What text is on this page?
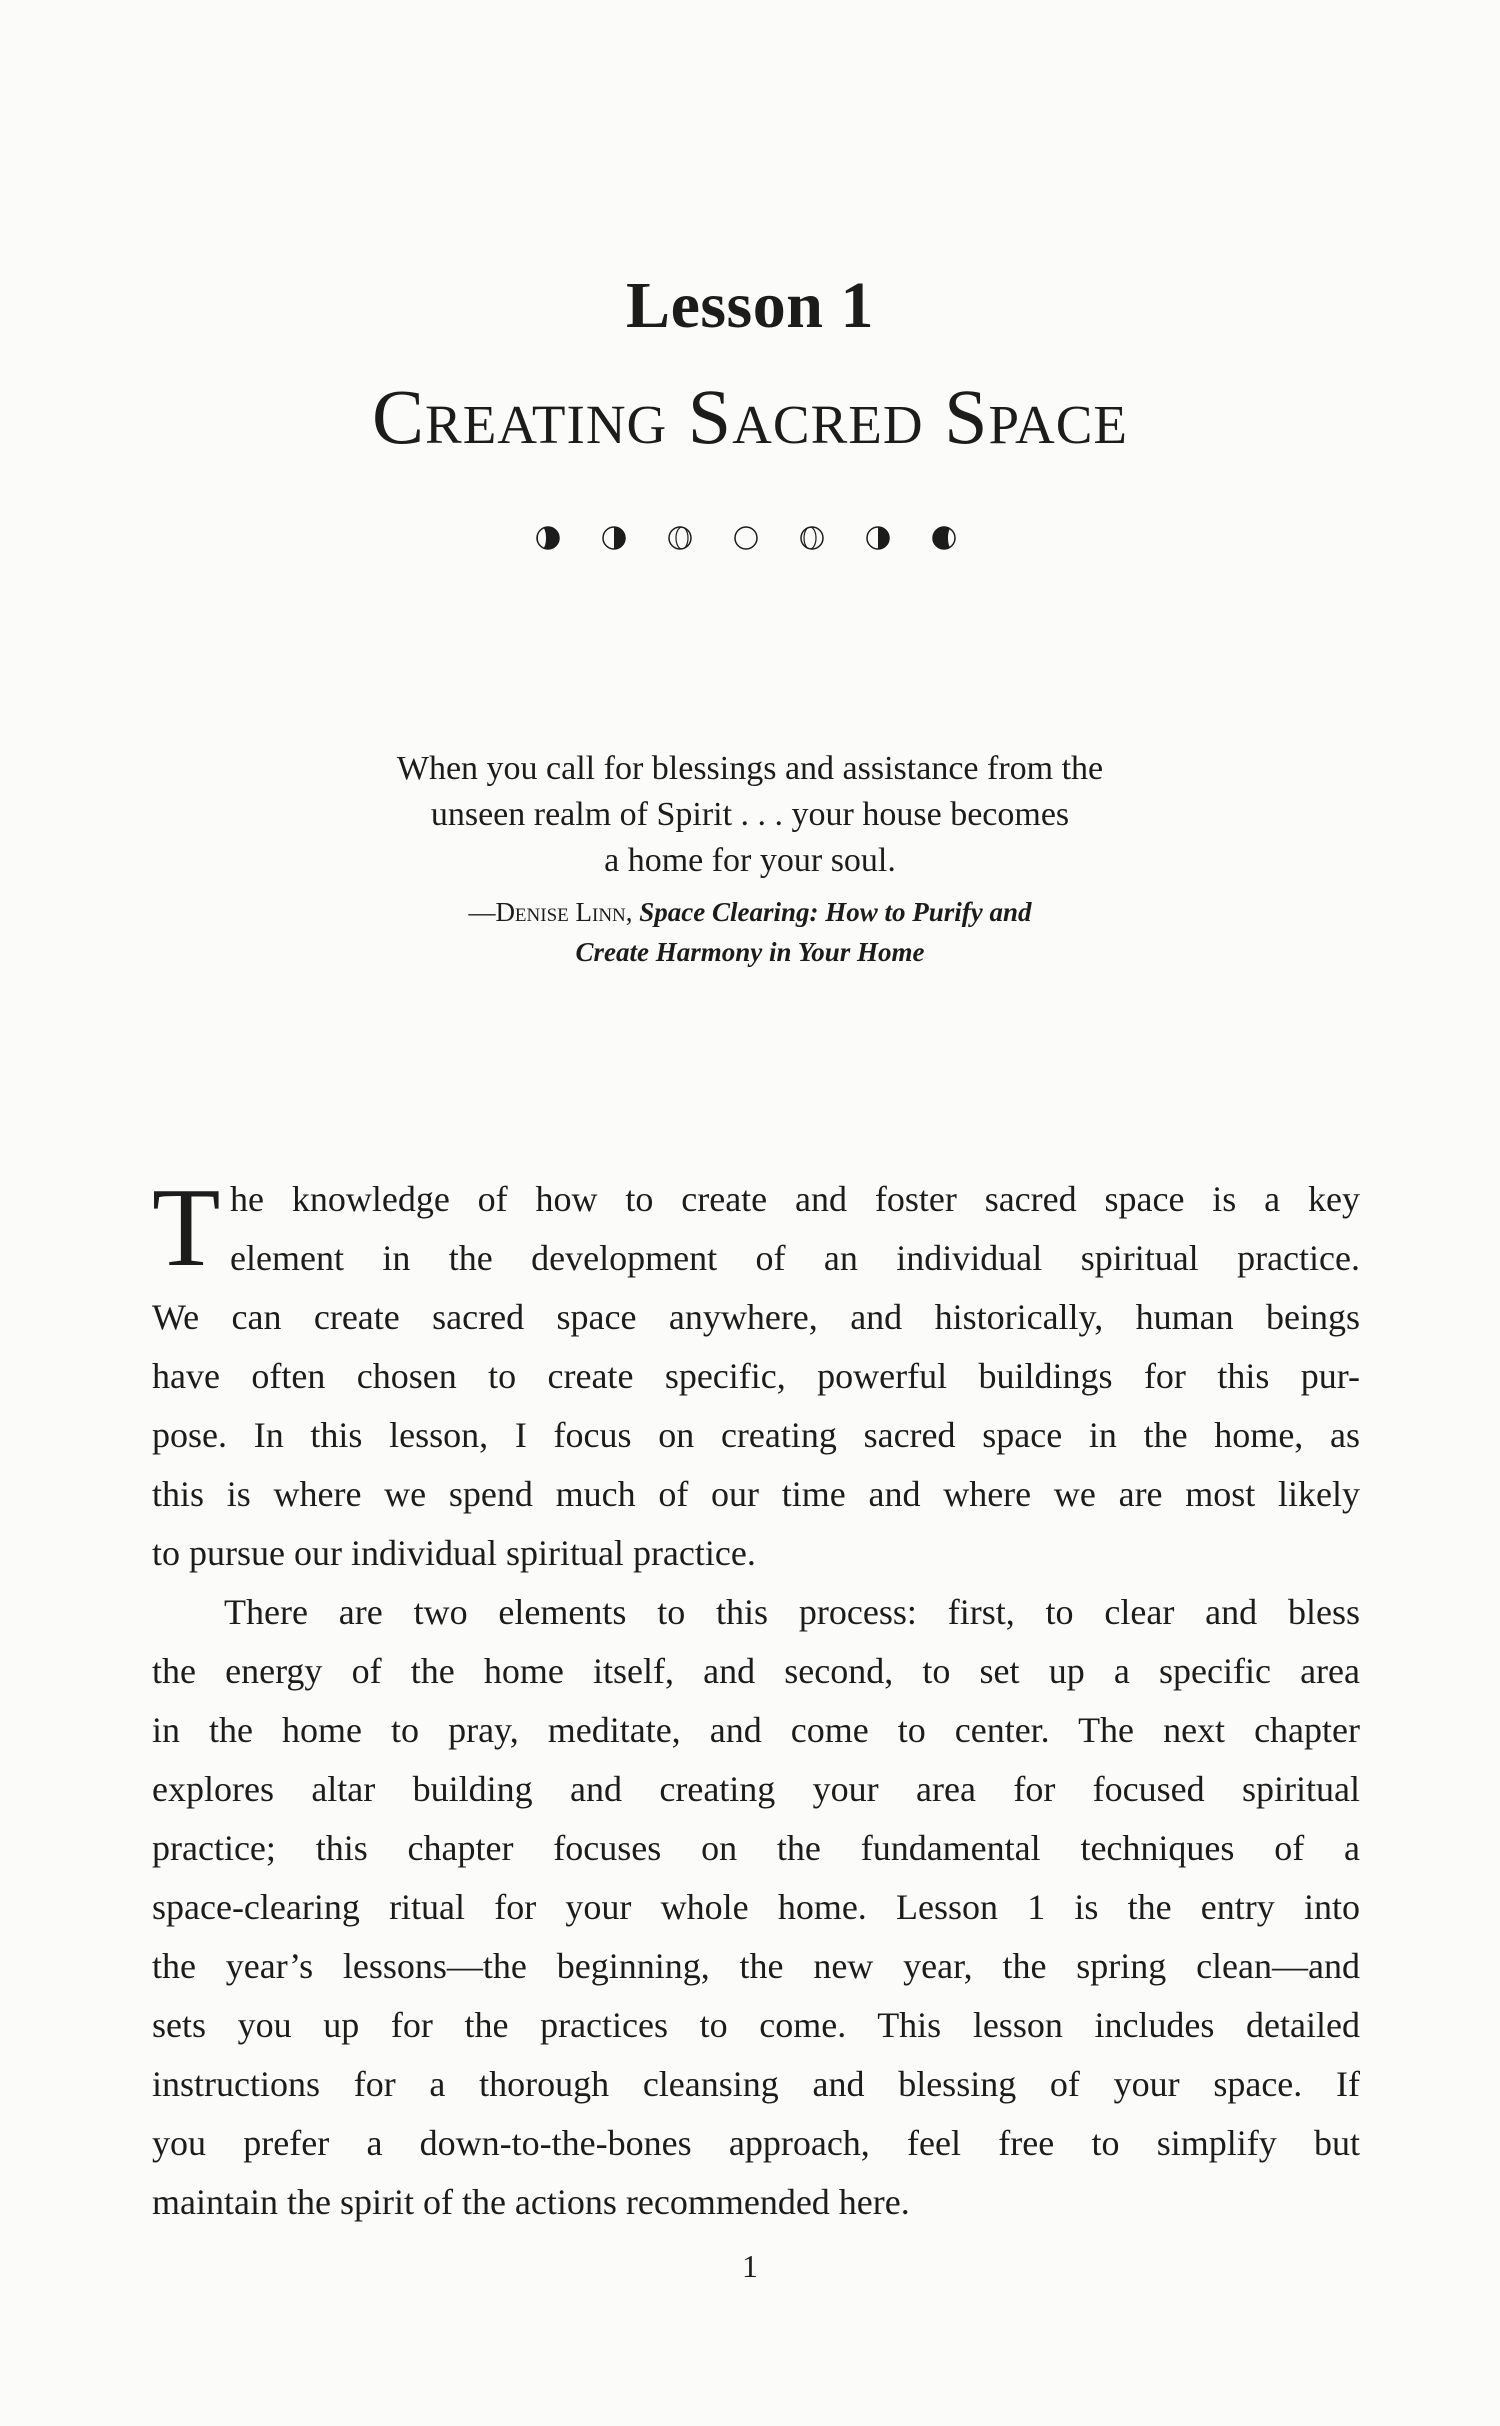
Lesson 1
Creating Sacred Space
When you call for blessings and assistance from the
unseen realm of Spirit . . . your house becomes
a home for your soul.
—Denise Linn, Space Clearing: How to Purify and
Create Harmony in Your Home
T he knowledge of how to create and foster sacred space is a key
element in the development of an individual spiritual practice.
We can create sacred space anywhere, and historically, human beings
have often chosen to create specific, powerful buildings for this pur-
pose. In this lesson, I focus on creating sacred space in the home, as
this is where we spend much of our time and where we are most likely
to pursue our individual spiritual practice.
There are two elements to this process: first, to clear and bless
the energy of the home itself, and second, to set up a specific area
in the home to pray, meditate, and come to center. The next chapter
explores altar building and creating your area for focused spiritual
practice; this chapter focuses on the fundamental techniques of a
space-clearing ritual for your whole home. Lesson 1 is the entry into
the year’s lessons—the beginning, the new year, the spring clean—and
sets you up for the practices to come. This lesson includes detailed
instructions for a thorough cleansing and blessing of your space. If
you prefer a down-to-the-bones approach, feel free to simplify but
maintain the spirit of the actions recommended here.
1
